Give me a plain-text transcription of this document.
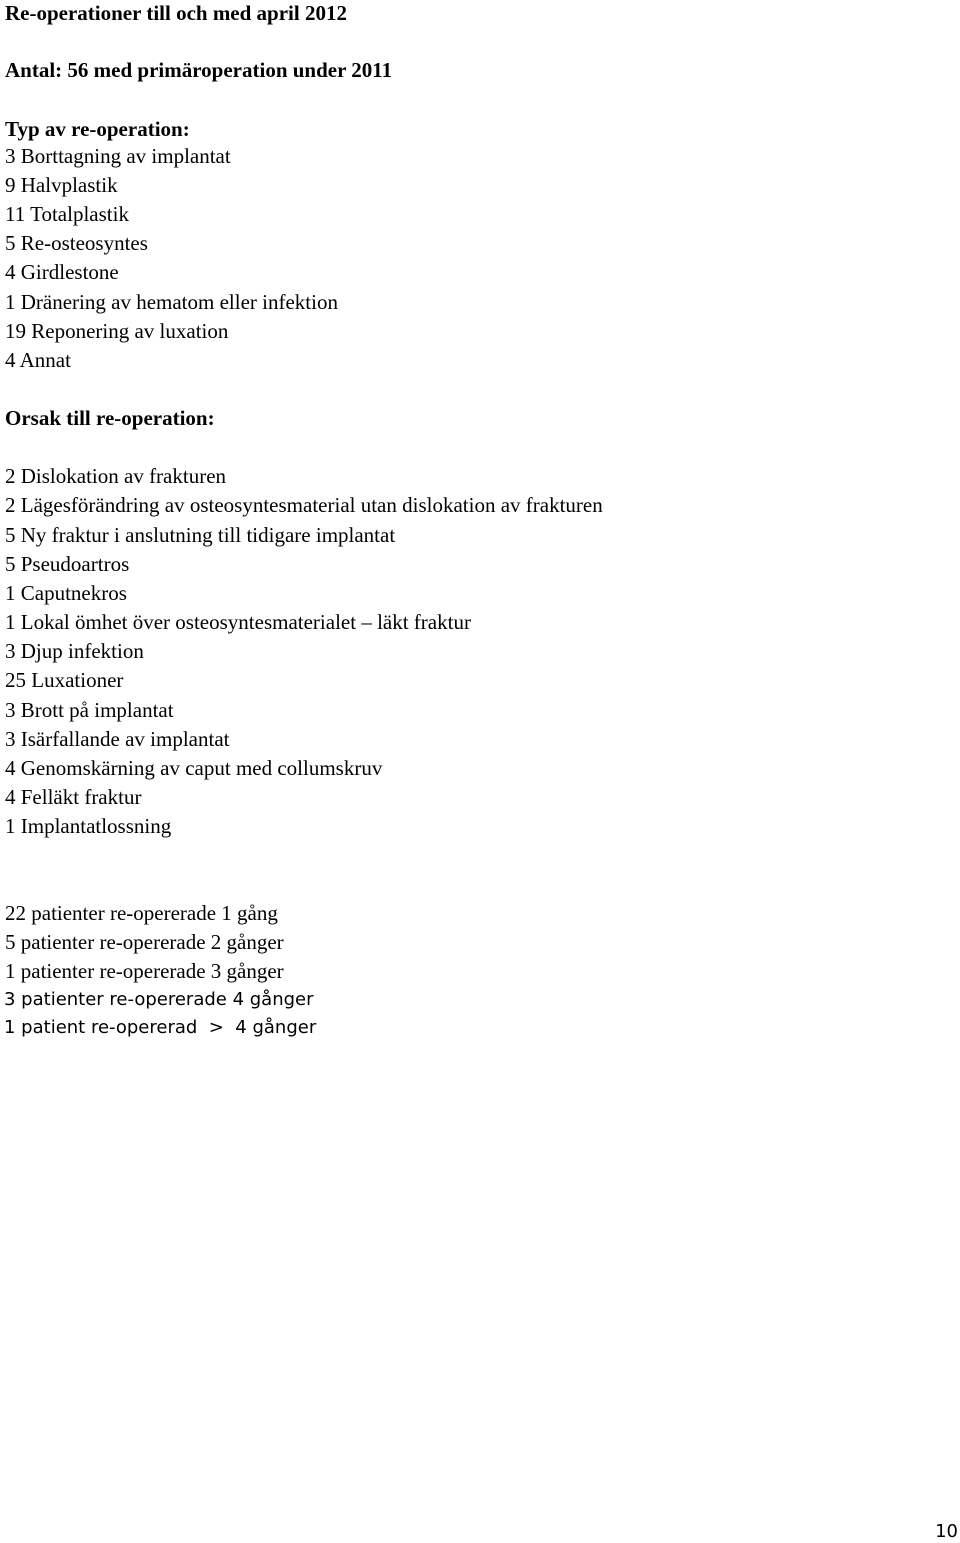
Re-operationer till och med april 2012
Antal: 56 med primäroperation under 2011
Typ av re-operation:
3 Borttagning av implantat
9 Halvplastik
11 Totalplastik
5 Re-osteosyntes
4 Girdlestone
1 Dränering av hematom eller infektion
19 Reponering av luxation
4 Annat
Orsak till re-operation:
2 Dislokation av frakturen
2 Lägesförändring av osteosyntesmaterial utan dislokation av frakturen
5 Ny fraktur i anslutning till tidigare implantat
5 Pseudoartros
1 Caputnekros
1 Lokal ömhet över osteosyntesmaterialet – läkt fraktur
3 Djup infektion
25 Luxationer
3 Brott på implantat
3 Isärfallande av implantat
4 Genomskärning av caput med collumskruv
4 Felläkt fraktur
1 Implantatlossning
22 patienter re-opererade 1 gång
5 patienter re-opererade 2 gånger
1 patienter re-opererade 3 gånger
3 patienter re-opererade 4 gånger
1 patient re-opererad  >  4 gånger
10
